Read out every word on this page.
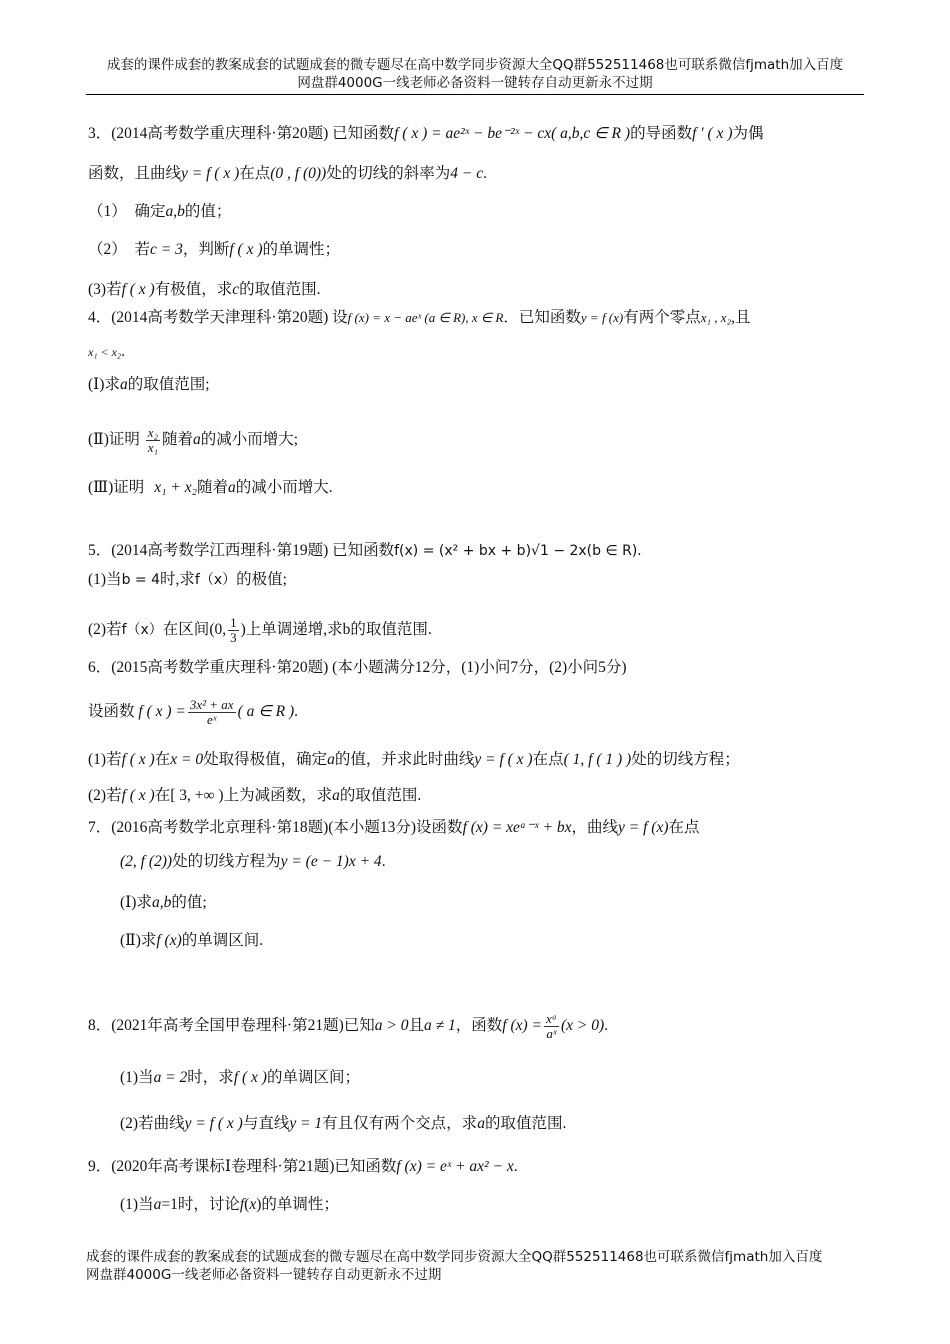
成套的课件成套的教案成套的试题成套的微专题尽在高中数学同步资源大全QQ群552511468也可联系微信fjmath加入百度
网盘群4000G一线老师必备资料一键转存自动更新永不过期
3．(2014高考数学重庆理科·第20题) 已知函数f ( x ) = ae²ˣ − be⁻²ˣ − cx( a,b,c ∈ R )的导函数f ′ ( x )为偶
函数，且曲线y = f ( x )在点(0 , f (0))处的切线的斜率为4 − c.
（1）　确定a,b的值；
（2）　若c = 3，判断f ( x )的单调性；
(3)若f ( x )有极值，求c的取值范围.
4．(2014高考数学天津理科·第20题) 设f (x) = x − aeˣ (a ∈ R), x ∈ R．已知函数y = f (x)有两个零点x₁ , x₂,且
x₁ < x₂.
(Ⅰ)求a的取值范围;
(Ⅱ)证明 $\frac{\text{x₂}}{\text{x₁}}$ 随着a的减小而增大;
(Ⅲ)证明 x₁ + x₂随着a的减小而增大.
5．(2014高考数学江西理科·第19题) 已知函数f(x) = (x² + bx + b)√1 − 2x(b ∈ R).
(1)当b = 4时,求f（x）的极值;
(2)若f（x）在区间(0, $\frac{1}{3}$ )上单调递增,求b的取值范围.
6．(2015高考数学重庆理科·第20题) (本小题满分12分，(1)小问7分，(2)小问5分)
设函数 f ( x ) = $\frac{\text{3x² + ax}}{\text{eˣ}}$ ( a ∈ R ).
(1)若f ( x )在x = 0处取得极值，确定a的值，并求此时曲线y = f ( x )在点( 1, f ( 1 ) )处的切线方程；
(2)若f ( x )在[ 3, +∞ )上为减函数，求a的取值范围.
7．(2016高考数学北京理科·第18题)(本小题13分)设函数f (x) = xeᵃ⁻ˣ + bx，曲线y = f (x)在点
(2, f (2))处的切线方程为y = (e − 1)x + 4.
(Ⅰ)求a,b的值;
(Ⅱ)求f (x)的单调区间.
8．(2021年高考全国甲卷理科·第21题)已知a > 0且a ≠ 1，函数f $(x) = \frac{\text{xᵃ}}{\text{aˣ}} (x > 0)$.
(1)当a = 2时，求f ( x )的单调区间；
(2)若曲线y = f ( x )与直线y = 1有且仅有两个交点，求a的取值范围.
9．(2020年高考课标Ⅰ卷理科·第21题)已知函数f (x) = eˣ + ax² − x.
(1)当a=1时，讨论f(x)的单调性；
成套的课件成套的教案成套的试题成套的微专题尽在高中数学同步资源大全QQ群552511468也可联系微信fjmath加入百度
网盘群4000G一线老师必备资料一键转存自动更新永不过期
